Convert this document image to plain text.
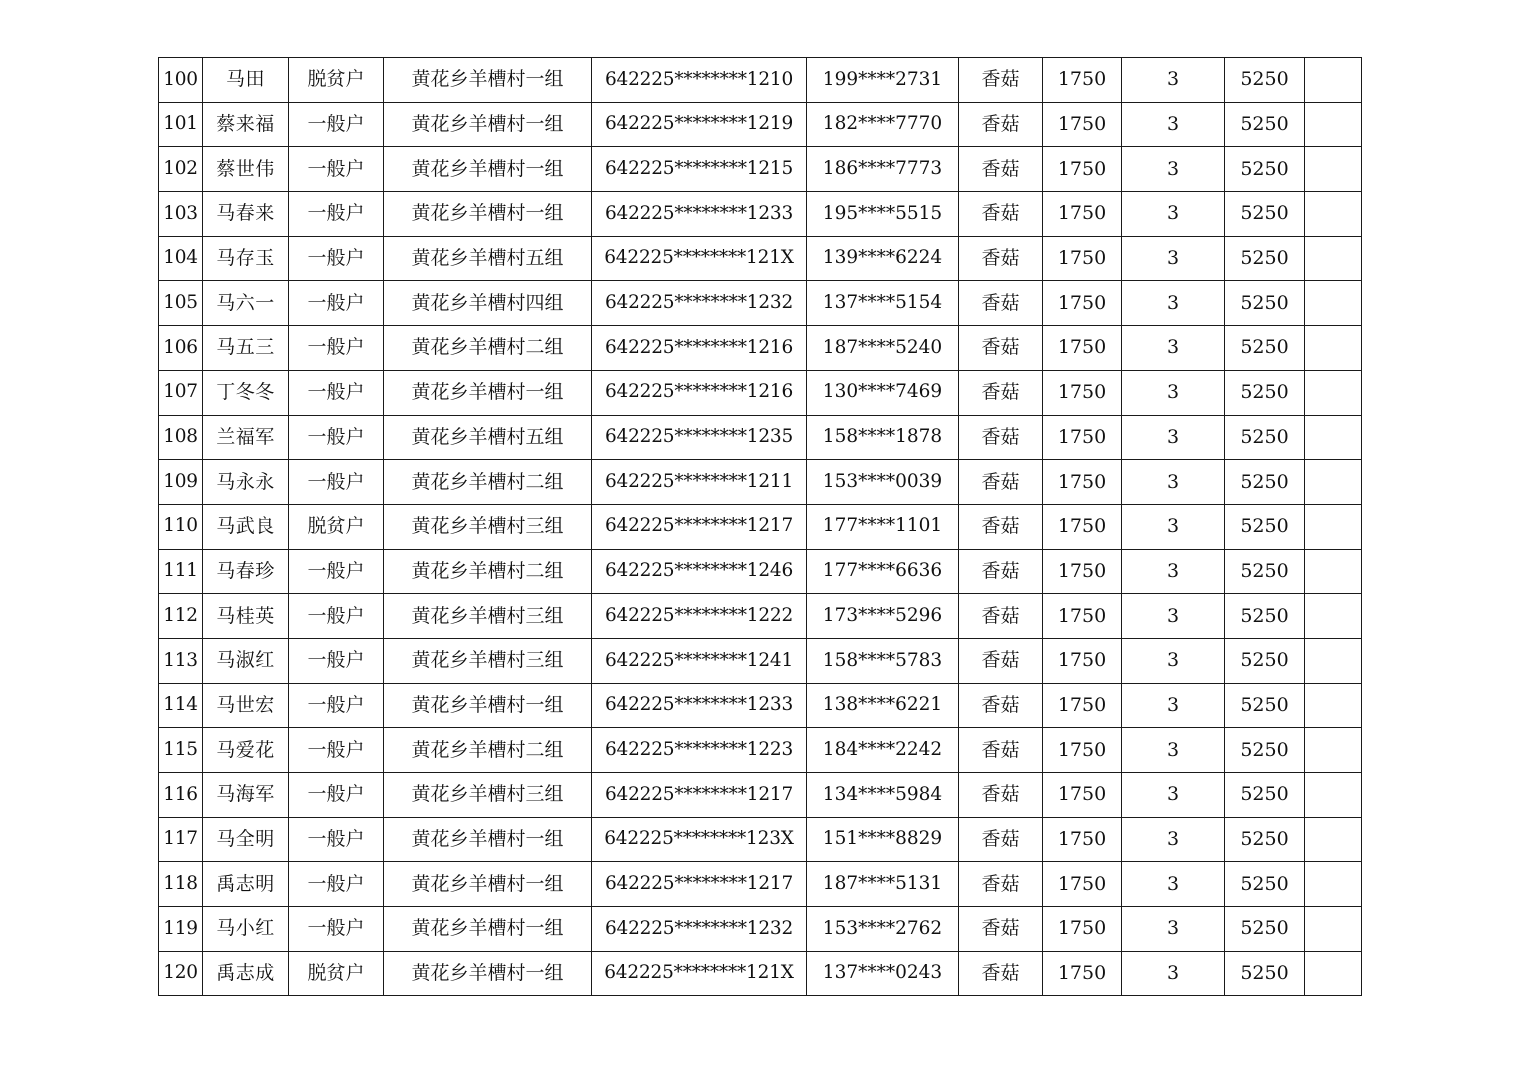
100	马田	脱贫户	黄花乡羊槽村一组	642225********1210	199****2731	香菇	1750	3	5250	
101	蔡来福	一般户	黄花乡羊槽村一组	642225********1219	182****7770	香菇	1750	3	5250	
102	蔡世伟	一般户	黄花乡羊槽村一组	642225********1215	186****7773	香菇	1750	3	5250	
103	马春来	一般户	黄花乡羊槽村一组	642225********1233	195****5515	香菇	1750	3	5250	
104	马存玉	一般户	黄花乡羊槽村五组	642225********121X	139****6224	香菇	1750	3	5250	
105	马六一	一般户	黄花乡羊槽村四组	642225********1232	137****5154	香菇	1750	3	5250	
106	马五三	一般户	黄花乡羊槽村二组	642225********1216	187****5240	香菇	1750	3	5250	
107	丁冬冬	一般户	黄花乡羊槽村一组	642225********1216	130****7469	香菇	1750	3	5250	
108	兰福军	一般户	黄花乡羊槽村五组	642225********1235	158****1878	香菇	1750	3	5250	
109	马永永	一般户	黄花乡羊槽村二组	642225********1211	153****0039	香菇	1750	3	5250	
110	马武良	脱贫户	黄花乡羊槽村三组	642225********1217	177****1101	香菇	1750	3	5250	
111	马春珍	一般户	黄花乡羊槽村二组	642225********1246	177****6636	香菇	1750	3	5250	
112	马桂英	一般户	黄花乡羊槽村三组	642225********1222	173****5296	香菇	1750	3	5250	
113	马淑红	一般户	黄花乡羊槽村三组	642225********1241	158****5783	香菇	1750	3	5250	
114	马世宏	一般户	黄花乡羊槽村一组	642225********1233	138****6221	香菇	1750	3	5250	
115	马爱花	一般户	黄花乡羊槽村二组	642225********1223	184****2242	香菇	1750	3	5250	
116	马海军	一般户	黄花乡羊槽村三组	642225********1217	134****5984	香菇	1750	3	5250	
117	马全明	一般户	黄花乡羊槽村一组	642225********123X	151****8829	香菇	1750	3	5250	
118	禹志明	一般户	黄花乡羊槽村一组	642225********1217	187****5131	香菇	1750	3	5250	
119	马小红	一般户	黄花乡羊槽村一组	642225********1232	153****2762	香菇	1750	3	5250	
120	禹志成	脱贫户	黄花乡羊槽村一组	642225********121X	137****0243	香菇	1750	3	5250	
